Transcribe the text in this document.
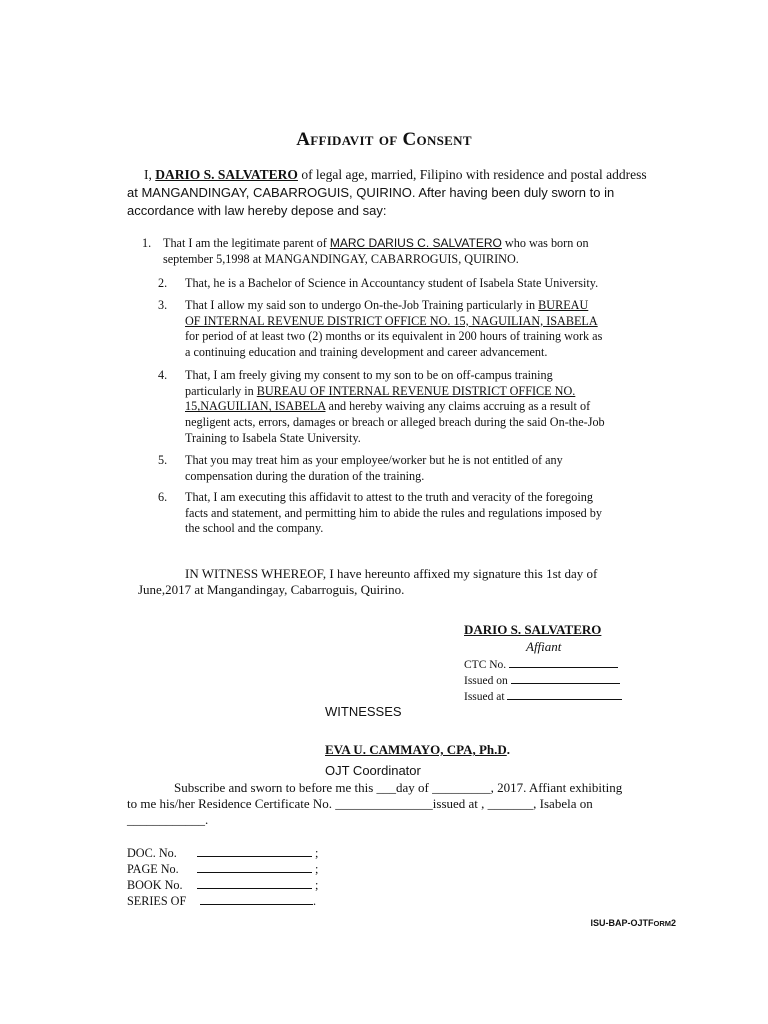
Affidavit of Consent
I, DARIO S. SALVATERO of legal age, married, Filipino with residence and postal address
at MANGANDINGAY, CABARROGUIS, QUIRINO. After having been duly sworn to in
accordance with law hereby depose and say:
1. That I am the legitimate parent of MARC DARIUS C. SALVATERO who was born on
september 5,1998 at MANGANDINGAY, CABARROGUIS, QUIRINO.
2.	That, he is a Bachelor of Science in Accountancy student of Isabela State University.
3. That I allow my said son to undergo On-the-Job Training particularly in BUREAU
OF INTERNAL REVENUE DISTRICT OFFICE NO. 15, NAGUILIAN, ISABELA
for period of at least two (2) months or its equivalent in 200 hours of training work as
a continuing education and training development and career advancement.
4. That, I am freely giving my consent to my son to be on off-campus training
particularly in BUREAU OF INTERNAL REVENUE DISTRICT OFFICE NO.
15,NAGUILIAN, ISABELA and hereby waiving any claims accruing as a result of
negligent acts, errors, damages or breach or alleged breach during the said On-the-Job
Training to Isabela State University.
5. That you may treat him as your employee/worker but he is not entitled of any
compensation during the duration of the training.
6. That, I am executing this affidavit to attest to the truth and veracity of the foregoing
facts and statement, and permitting him to abide the rules and regulations imposed by
the school and the company.
IN WITNESS WHEREOF, I have hereunto affixed my signature this 1st day of
June,2017 at Mangandingay, Cabarroguis, Quirino.
DARIO S. SALVATERO
Affiant
CTC No.
Issued on
Issued at
WITNESSES
EVA U. CAMMAYO, CPA, Ph.D.
OJT Coordinator
Subscribe and sworn to before me this ___day of _________, 2017. Affiant exhibiting
to me his/her Residence Certificate No. _______________issued at , _______, Isabela on
____________.
DOC. No.	;
PAGE No.	;
BOOK No.	;
SERIES OF	.
ISU-BAP-OJTFORM2
